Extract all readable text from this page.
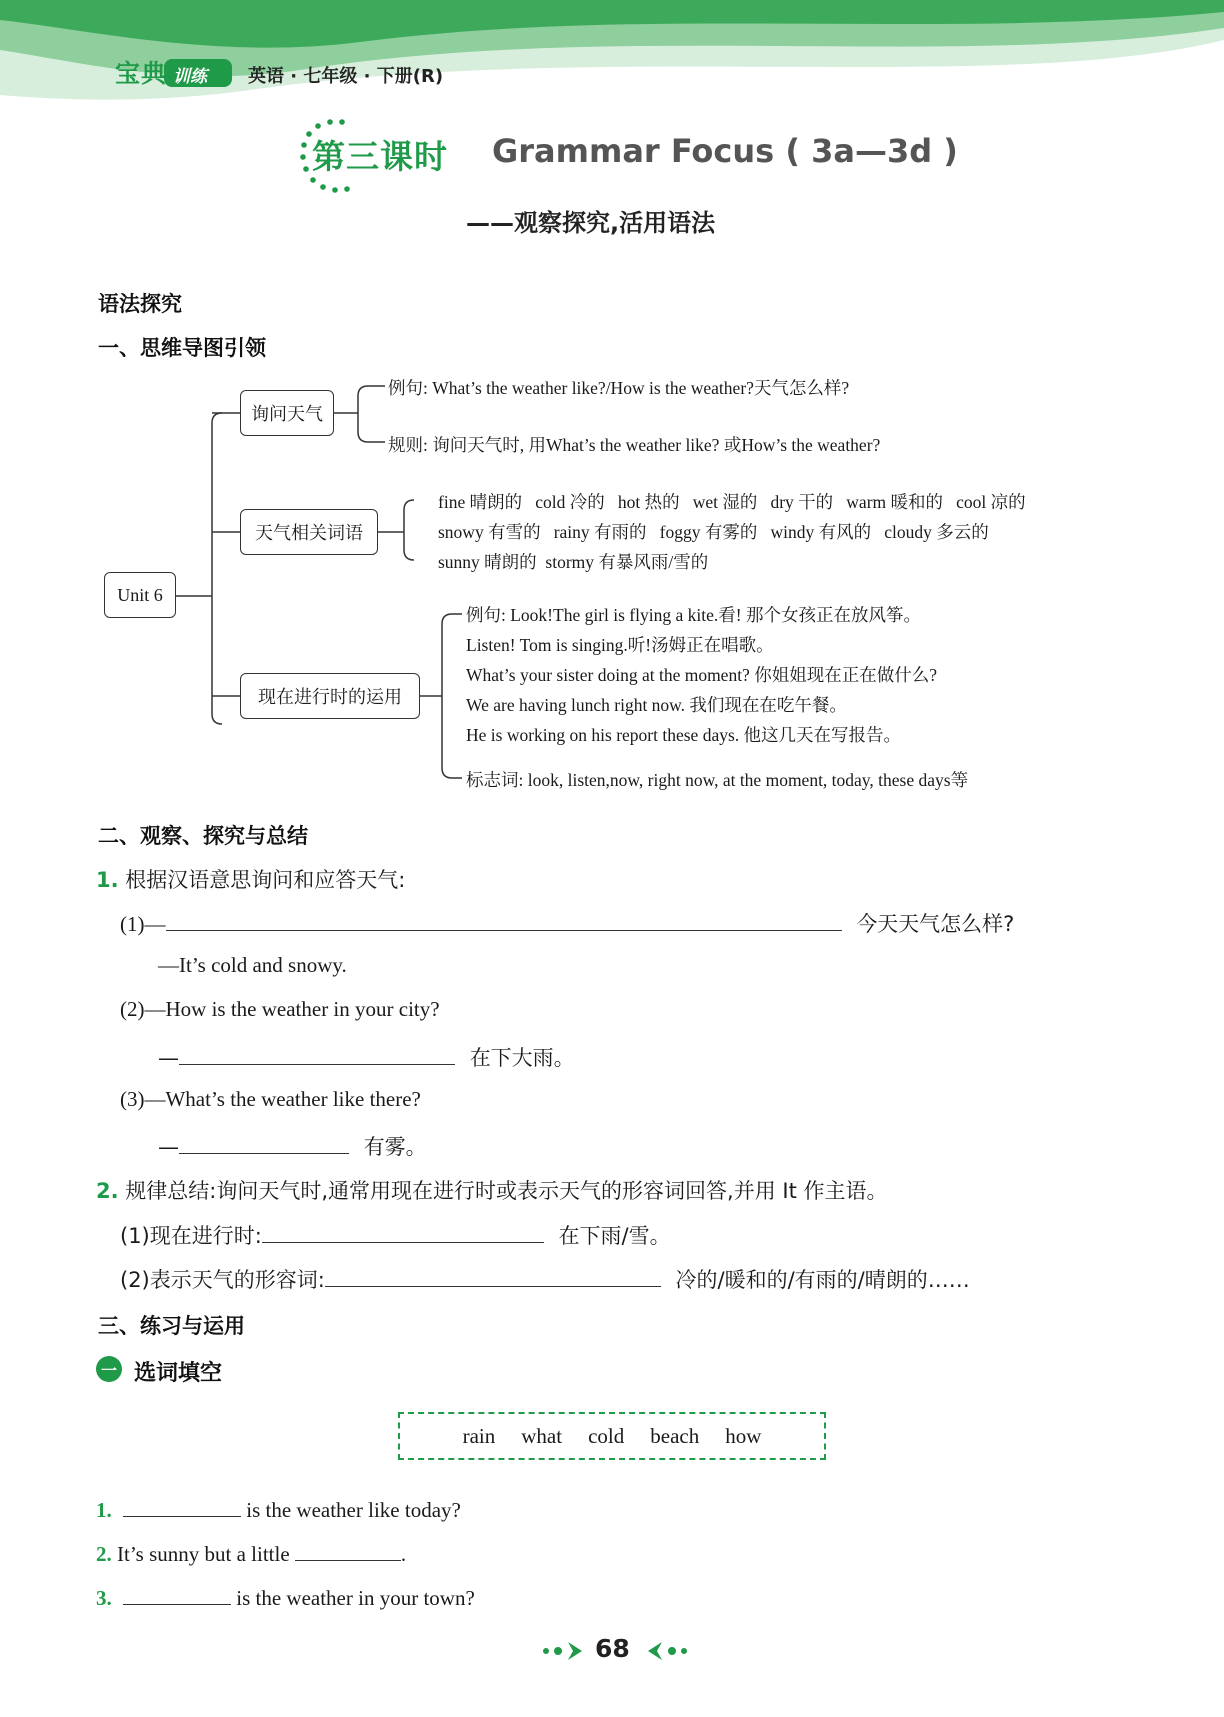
宝典 训练 英语 · 七年级 · 下册(R)
第三课时 Grammar Focus ( 3a—3d )
——观察探究,活用语法
语法探究
一、思维导图引领
Unit 6
询问天气
天气相关词语
现在进行时的运用
例句: What’s the weather like?/How is the weather?天气怎么样?
规则: 询问天气时, 用What’s the weather like? 或How’s the weather?
fine 晴朗的   cold 冷的   hot 热的   wet 湿的   dry 干的   warm 暖和的   cool 凉的
snowy 有雪的   rainy 有雨的   foggy 有雾的   windy 有风的   cloudy 多云的
sunny 晴朗的  stormy 有暴风雨/雪的
例句: Look!The girl is flying a kite.看! 那个女孩正在放风筝。
Listen! Tom is singing.听!汤姆正在唱歌。
What’s your sister doing at the moment? 你姐姐现在正在做什么?
We are having lunch right now. 我们现在在吃午餐。
He is working on his report these days. 他这几天在写报告。
标志词: look, listen,now, right now, at the moment, today, these days等
二、观察、探究与总结
1. 根据汉语意思询问和应答天气:
(1)—	今天天气怎么样?
—It’s cold and snowy.
(2)—How is the weather in your city?
—	在下大雨。
(3)—What’s the weather like there?
—	有雾。
2. 规律总结:询问天气时,通常用现在进行时或表示天气的形容词回答,并用 It 作主语。
(1)现在进行时:	在下雨/雪。
(2)表示天气的形容词:	冷的/暖和的/有雨的/晴朗的……
三、练习与运用
一 选词填空
rain what cold beach how
1.	is the weather like today?
2. It’s sunny but a little	.
3.	is the weather in your town?
68
